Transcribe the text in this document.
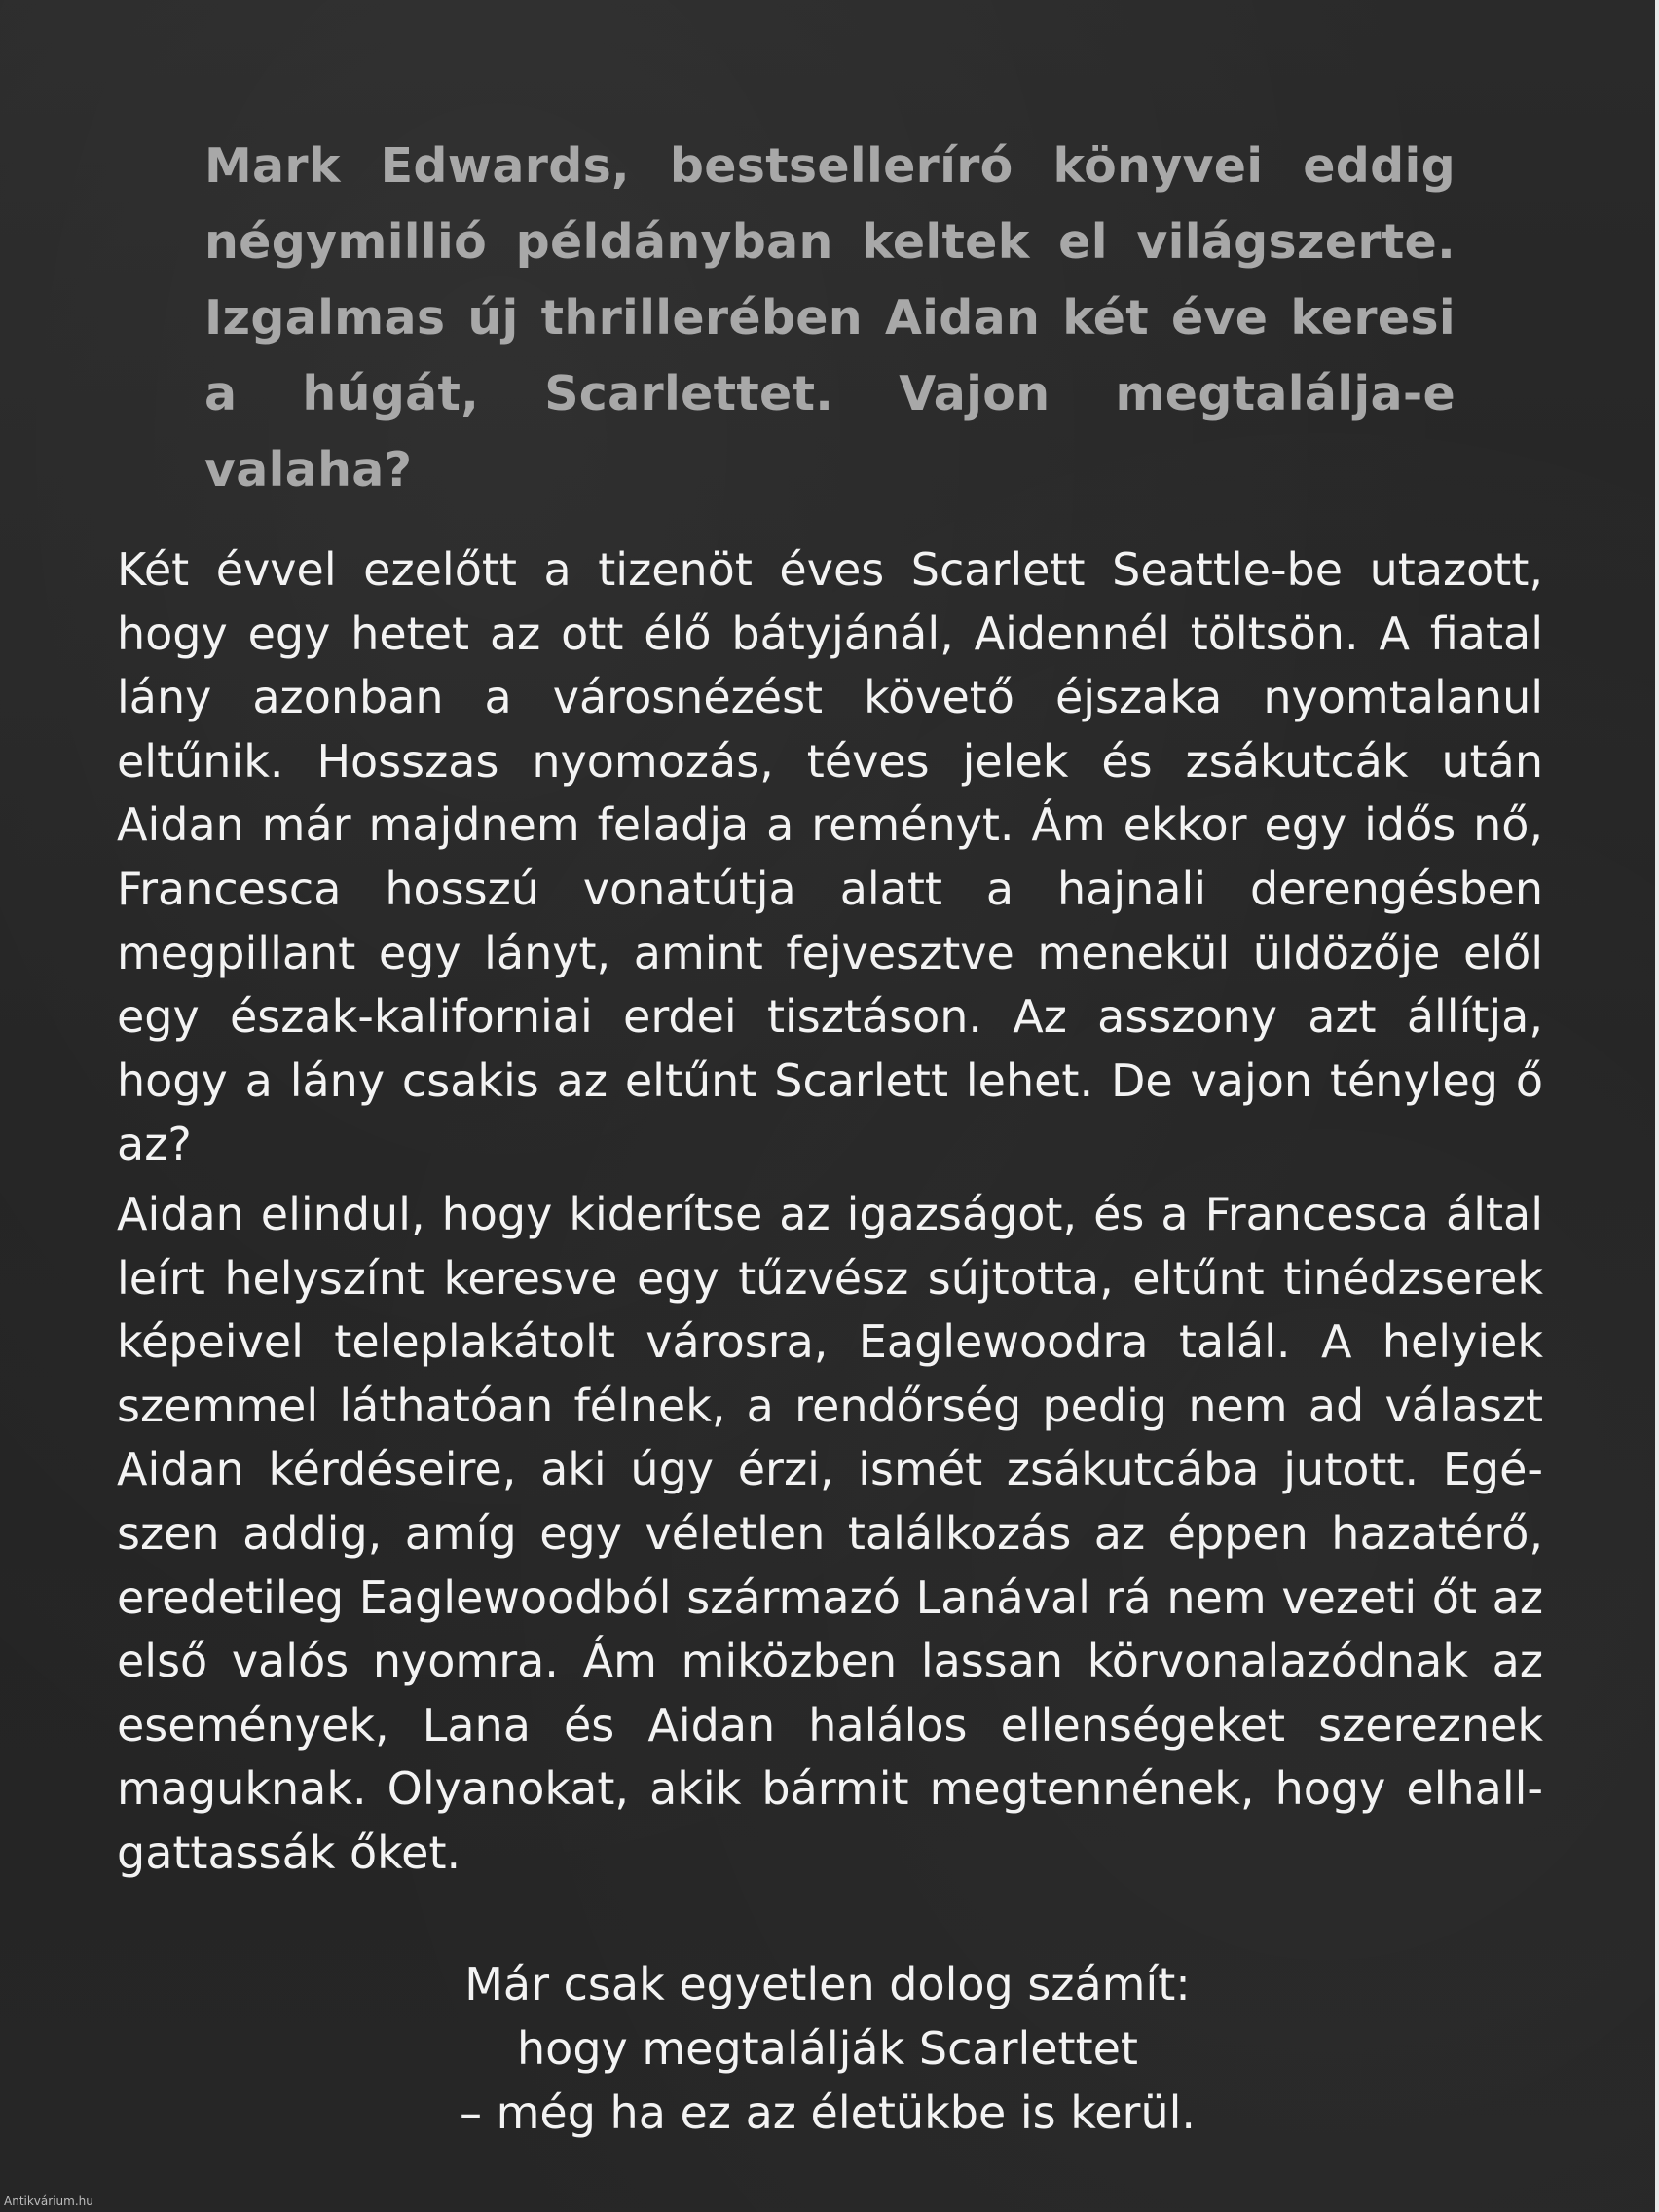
Mark Edwards, bestselleríró könyvei eddig négymillió példányban keltek el világszerte. Izgalmas új thrillerében Aidan két éve keresi a húgát, Scarlettet. Vajon megtalálja-e valaha?

Két évvel ezelőtt a tizenöt éves Scarlett Seattle-be utazott, hogy egy hetet az ott élő bátyjánál, Aidennél töltsön. A fiatal lány azonban a városnézést követő éjszaka nyomtalanul eltűnik. Hosszas nyomozás, téves jelek és zsákutcák után Aidan már majdnem feladja a reményt. Ám ekkor egy idős nő, Francesca hosszú vonatútja alatt a hajnali derengésben megpillant egy lányt, amint fejvesztve menekül üldözője elől egy észak-kaliforniai erdei tisztáson. Az asszony azt állítja, hogy a lány csakis az eltűnt Scarlett lehet. De vajon tényleg ő az?

Aidan elindul, hogy kiderítse az igazságot, és a Francesca által leírt helyszínt keresve egy tűzvész sújtotta, eltűnt tinédzserek képeivel teleplakátolt városra, Eaglewoodra talál. A helyiek szemmel láthatóan félnek, a rendőrség pedig nem ad választ Aidan kérdéseire, aki úgy érzi, ismét zsákutcába jutott. Egészen addig, amíg egy véletlen találkozás az éppen hazatérő, eredetileg Eaglewoodból származó Lanával rá nem vezeti őt az első valós nyomra. Ám miközben lassan körvonalazódnak az események, Lana és Aidan halálos ellenségeket szereznek maguknak. Olyanokat, akik bármit megtennének, hogy elhallgattassák őket.

Már csak egyetlen dolog számít:
hogy megtalálják Scarlettet
– még ha ez az életükbe is kerül.
Antikvárium.hu
